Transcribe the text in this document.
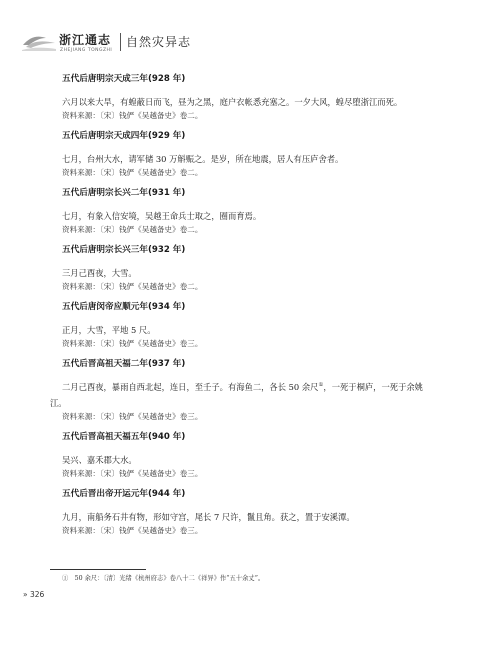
浙江通志
ZHEJIANG TONGZHI
自然灾异志
五代后唐明宗天成三年(928 年)

六月以来大旱，有蝗蔽日而飞，昼为之黑，庭户衣帐悉充塞之。一夕大风，蝗尽堕浙江而死。

资料来源：〔宋〕钱俨《吴越备史》卷二。
五代后唐明宗天成四年(929 年)

七月，台州大水，请军储 30 万斛赈之。是岁，所在地震，居人有压庐舍者。

资料来源：〔宋〕钱俨《吴越备史》卷二。
五代后唐明宗长兴二年(931 年)

七月，有象入信安境，吴越王命兵士取之，圈而育焉。

资料来源：〔宋〕钱俨《吴越备史》卷二。
五代后唐明宗长兴三年(932 年)

三月己酉夜，大雪。

资料来源：〔宋〕钱俨《吴越备史》卷二。
五代后唐闵帝应顺元年(934 年)

正月，大雪，平地 5 尺。

资料来源：〔宋〕钱俨《吴越备史》卷三。
五代后晋高祖天福二年(937 年)

二月己酉夜，暴雨自西北起，连日，至壬子。有海鱼二，各长 50 余尺①，一死于桐庐，一死于余姚江。

资料来源：〔宋〕钱俨《吴越备史》卷三。
五代后晋高祖天福五年(940 年)

吴兴、嘉禾郡大水。

资料来源：〔宋〕钱俨《吴越备史》卷三。
五代后晋出帝开运元年(944 年)

九月，南船务石井有物，形如守宫，尾长 7 尺许，鬣且角。获之，置于安溪潭。

资料来源：〔宋〕钱俨《吴越备史》卷三。
①　50 余尺：〔清〕光绪《杭州府志》卷八十二《祥异》作“五十余丈”。
» 326
